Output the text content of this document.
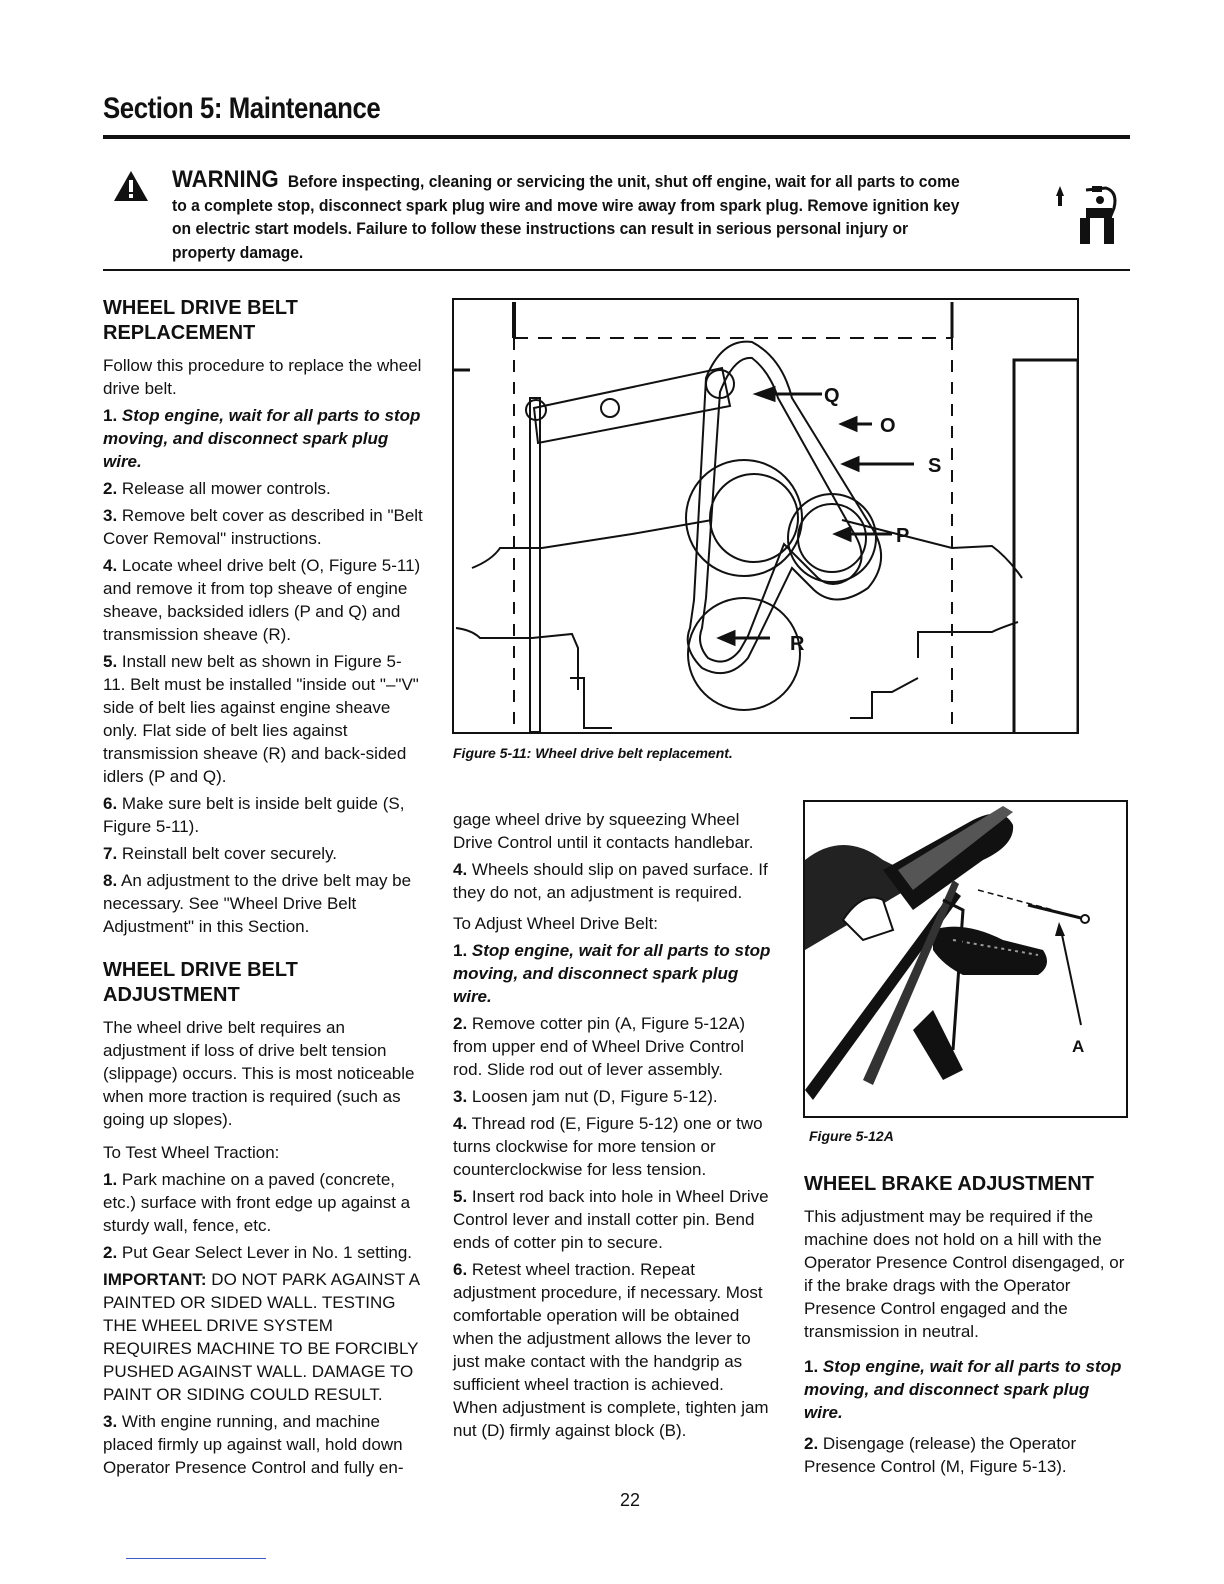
Section 5: Maintenance
WARNING Before inspecting, cleaning or servicing the unit, shut off engine, wait for all parts to come to a complete stop, disconnect spark plug wire and move wire away from spark plug. Remove ignition key on electric start models. Failure to follow these instructions can result in serious personal injury or property damage.

WHEEL DRIVE BELT REPLACEMENT

Follow this procedure to replace the wheel drive belt.

1. Stop engine, wait for all parts to stop moving, and disconnect spark plug wire.

2. Release all mower controls.

3. Remove belt cover as described in "Belt Cover Removal" instructions.

4. Locate wheel drive belt (O, Figure 5-11) and remove it from top sheave of engine sheave, backsided idlers (P and Q) and transmission sheave (R).

5. Install new belt as shown in Figure 5-11. Belt must be installed "inside out "–"V" side of belt lies against engine sheave only. Flat side of belt lies against transmission sheave (R) and back-sided idlers (P and Q).

6. Make sure belt is inside belt guide (S, Figure 5-11).

7. Reinstall belt cover securely.

8. An adjustment to the drive belt may be necessary. See "Wheel Drive Belt Adjustment" in this Section.

WHEEL DRIVE BELT ADJUSTMENT

The wheel drive belt requires an adjustment if loss of drive belt tension (slippage) occurs. This is most noticeable when more traction is required (such as going up slopes).

To Test Wheel Traction:

1. Park machine on a paved (concrete, etc.) surface with front edge up against a sturdy wall, fence, etc.

2. Put Gear Select Lever in No. 1 setting.

IMPORTANT: DO NOT PARK AGAINST A PAINTED OR SIDED WALL. TESTING THE WHEEL DRIVE SYSTEM REQUIRES MACHINE TO BE FORCIBLY PUSHED AGAINST WALL. DAMAGE TO PAINT OR SIDING COULD RESULT.

3. With engine running, and machine placed firmly up against wall, hold down Operator Presence Control and fully en-

Q
O
S
P
R
Figure 5-11: Wheel drive belt replacement.

gage wheel drive by squeezing Wheel Drive Control until it contacts handlebar.

4. Wheels should slip on paved surface. If they do not, an adjustment is required.

To Adjust Wheel Drive Belt:

1. Stop engine, wait for all parts to stop moving, and disconnect spark plug wire.

2. Remove cotter pin (A, Figure 5-12A) from upper end of Wheel Drive Control rod. Slide rod out of lever assembly.

3. Loosen jam nut (D, Figure 5-12).

4. Thread rod (E, Figure 5-12) one or two turns clockwise for more tension or counterclockwise for less tension.

5. Insert rod back into hole in Wheel Drive Control lever and install cotter pin. Bend ends of cotter pin to secure.

6. Retest wheel traction. Repeat adjustment procedure, if necessary. Most comfortable operation will be obtained when the adjustment allows the lever to just make contact with the handgrip as sufficient wheel traction is achieved. When adjustment is complete, tighten jam nut (D) firmly against block (B).

A
Figure 5-12A

WHEEL BRAKE ADJUSTMENT

This adjustment may be required if the machine does not hold on a hill with the Operator Presence Control disengaged, or if the brake drags with the Operator Presence Control engaged and the transmission in neutral.

1. Stop engine, wait for all parts to stop moving, and disconnect spark plug wire.

2. Disengage (release) the Operator Presence Control (M, Figure 5-13).

22
